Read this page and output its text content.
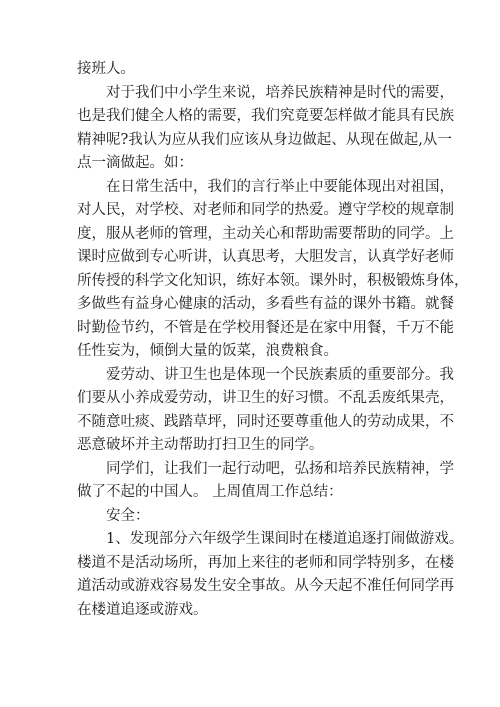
接班人。

对于我们中小学生来说，培养民族精神是时代的需要，
也是我们健全人格的需要，我们究竟要怎样做才能具有民族
精神呢?我认为应从我们应该从身边做起、从现在做起,从一
点一滴做起。如：

在日常生活中，我们的言行举止中要能体现出对祖国，
对人民，对学校、对老师和同学的热爱。遵守学校的规章制
度，服从老师的管理，主动关心和帮助需要帮助的同学。上
课时应做到专心听讲，认真思考，大胆发言，认真学好老师
所传授的科学文化知识，练好本领。课外时，积极锻炼身体，
多做些有益身心健康的活动，多看些有益的课外书籍。就餐
时勤俭节约，不管是在学校用餐还是在家中用餐，千万不能
任性妄为，倾倒大量的饭菜，浪费粮食。

爱劳动、讲卫生也是体现一个民族素质的重要部分。我
们要从小养成爱劳动，讲卫生的好习惯。不乱丢废纸果壳，
不随意吐痰、践踏草坪，同时还要尊重他人的劳动成果，不
恶意破坏并主动帮助打扫卫生的同学。

同学们，让我们一起行动吧，弘扬和培养民族精神，学
做了不起的中国人。 上周值周工作总结：

安全：

1、发现部分六年级学生课间时在楼道追逐打闹做游戏。
楼道不是活动场所，再加上来往的老师和同学特别多，在楼
道活动或游戏容易发生安全事故。从今天起不准任何同学再
在楼道追逐或游戏。
